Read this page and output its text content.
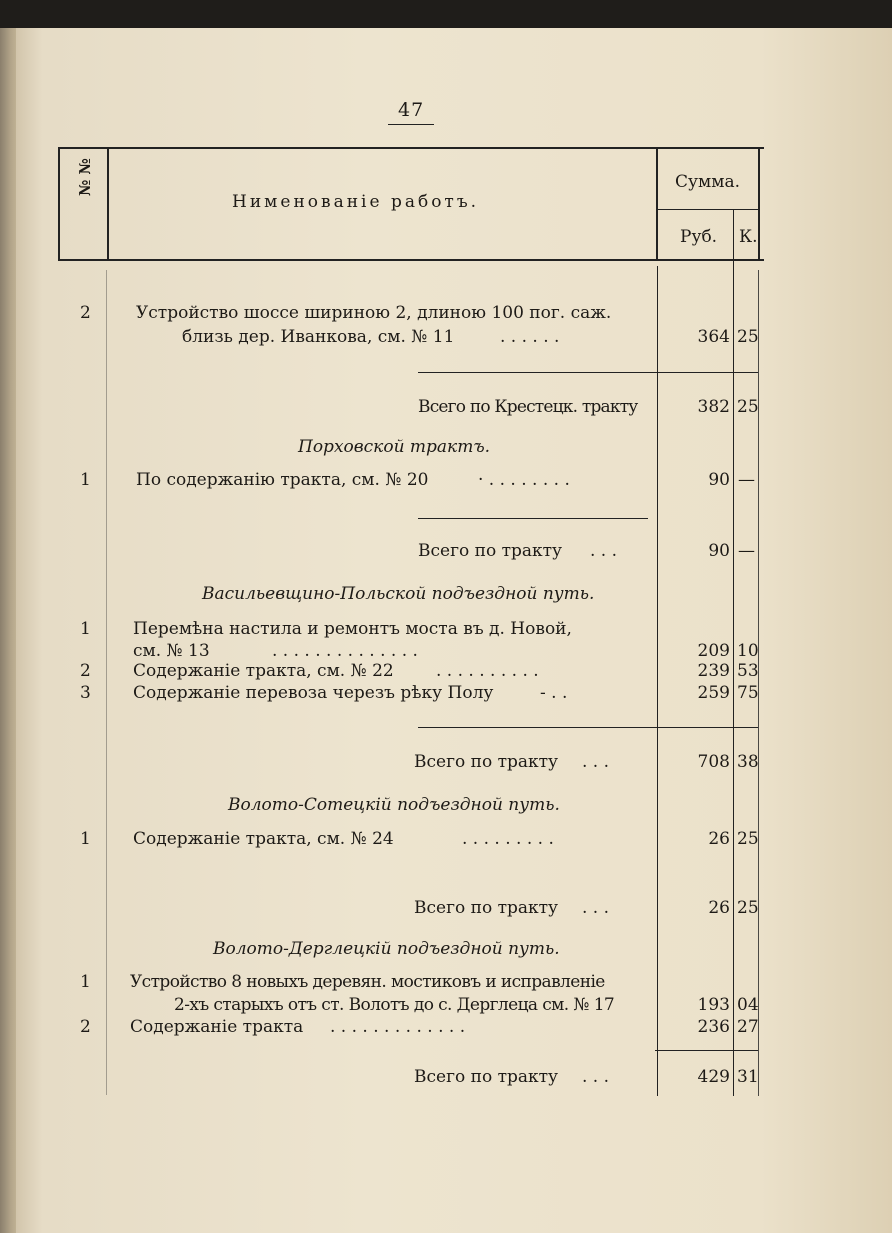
47
№ №
Нименованiе работъ.
Сумма.
Руб. К.
2	Устройство шоссе шириною 2, длиною 100 пог. саж.
близь дер. Иванкова, см. № 11	. . . . . .	364 25
Всего по Крестецк. тракту	382 25
Порховской трактъ.
1	По содержанiю тракта, см. № 20	· . . . . . . . .	90 —
Всего по тракту . . .	90 —
Васильевщино-Польской подъездной путь.
1 Перемѣна настила и ремонтъ моста въ д. Новой,
см. № 13	. . . . . . . . . . . . . .	209 10
2 Содержанiе тракта, см. № 22 . . . . . . . . . .	239 53
3 Содержанiе перевоза черезъ рѣку Полу	- . .	259 75
Всего по тракту . . .	708 38
Волото-Сотецкiй подъездной путь.
1 Содержанiе тракта, см. № 24	. . . . . . . . .	26 25
Всего по тракту . . .	26 25
Волото-Дерглецкiй подъездной путь.
1 Устройство 8 новыхъ деревян. мостиковъ и исправленiе
2-хъ старыхъ отъ ст. Волотъ до с. Дерглеца см. № 17	193 04
2 Содержанiе тракта . . . . . . . . . . . . .	236 27
Всего по тракту . . .	429 31
